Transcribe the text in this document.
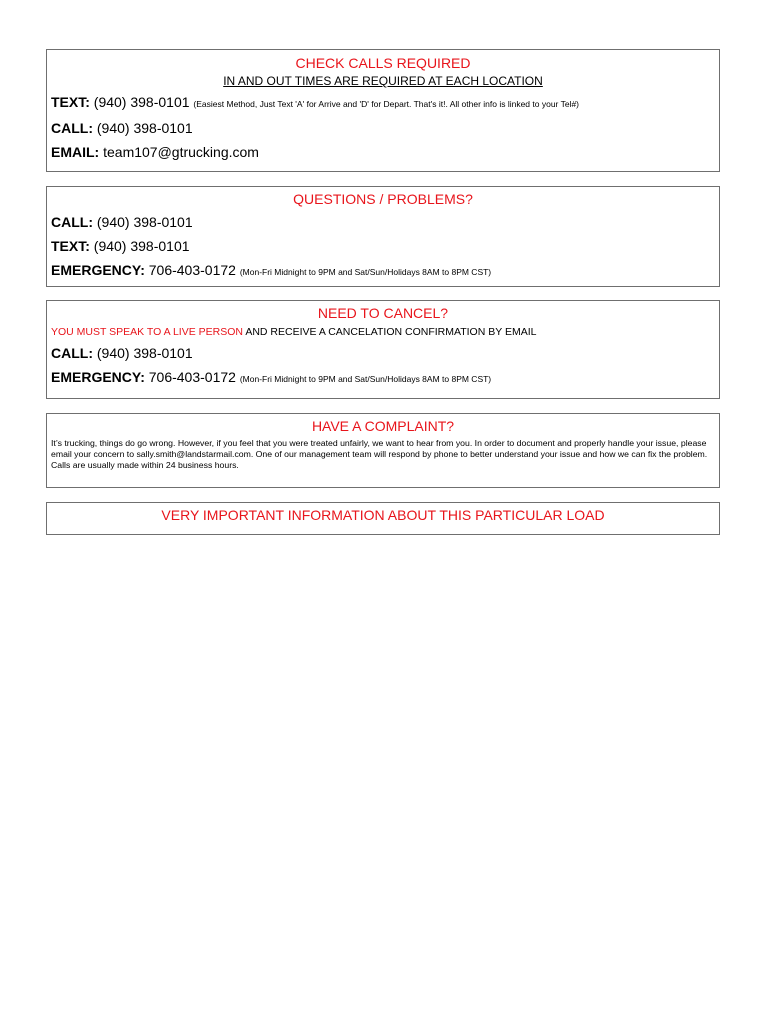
CHECK CALLS REQUIRED

IN AND OUT TIMES ARE REQUIRED AT EACH LOCATION

TEXT: (940) 398-0101 (Easiest Method, Just Text 'A' for Arrive and 'D' for Depart. That's it!. All other info is linked to your Tel#)

CALL: (940) 398-0101

EMAIL: team107@gtrucking.com

QUESTIONS / PROBLEMS?

CALL: (940) 398-0101

TEXT: (940) 398-0101

EMERGENCY: 706-403-0172 (Mon-Fri Midnight to 9PM and Sat/Sun/Holidays 8AM to 8PM CST)

NEED TO CANCEL?

YOU MUST SPEAK TO A LIVE PERSON AND RECEIVE A CANCELATION CONFIRMATION BY EMAIL

CALL: (940) 398-0101

EMERGENCY: 706-403-0172 (Mon-Fri Midnight to 9PM and Sat/Sun/Holidays 8AM to 8PM CST)

HAVE A COMPLAINT?

It’s trucking, things do go wrong. However, if you feel that you were treated unfairly, we want to hear from you. In order to document and properly handle your issue, please email your concern to sally.smith@landstarmail.com. One of our management team will respond by phone to better understand your issue and how we can fix the problem. Calls are usually made within 24 business hours.

VERY IMPORTANT INFORMATION ABOUT THIS PARTICULAR LOAD
